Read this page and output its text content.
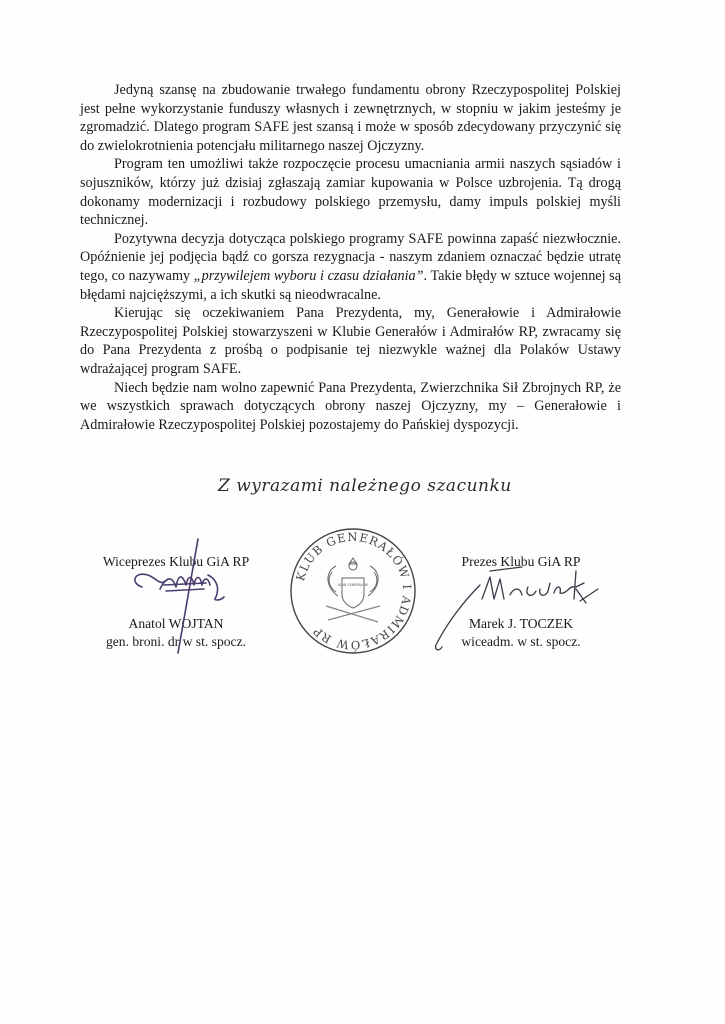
Jedyną szansę na zbudowanie trwałego fundamentu obrony Rzeczypospolitej Polskiej jest pełne wykorzystanie funduszy własnych i zewnętrznych, w stopniu w jakim jesteśmy je zgromadzić. Dlatego program SAFE jest szansą i może w sposób zdecydowany przyczynić się do zwielokrotnienia potencjału militarnego naszej Ojczyzny.

Program ten umożliwi także rozpoczęcie procesu umacniania armii naszych sąsiadów i sojuszników, którzy już dzisiaj zgłaszają zamiar kupowania w Polsce uzbrojenia. Tą drogą dokonamy modernizacji i rozbudowy polskiego przemysłu, damy impuls polskiej myśli technicznej.

Pozytywna decyzja dotycząca polskiego programy SAFE powinna zapaść niezwłocznie. Opóźnienie jej podjęcia bądź co gorsza rezygnacja - naszym zdaniem oznaczać będzie utratę tego, co nazywamy „przywilejem wyboru i czasu działania”. Takie błędy w sztuce wojennej są błędami najcięższymi, a ich skutki są nieodwracalne.

Kierując się oczekiwaniem Pana Prezydenta, my, Generałowie i Admirałowie Rzeczypospolitej Polskiej stowarzyszeni w Klubie Generałów i Admirałów RP, zwracamy się do Pana Prezydenta z prośbą o podpisanie tej niezwykle ważnej dla Polaków Ustawy wdrażającej program SAFE.

Niech będzie nam wolno zapewnić Pana Prezydenta, Zwierzchnika Sił Zbrojnych RP, że we wszystkich sprawach dotyczących obrony naszej Ojczyzny, my – Generałowie i Admirałowie Rzeczypospolitej Polskiej pozostajemy do Pańskiej dyspozycji.

Z wyrazami należnego szacunku
Wiceprezes Klubu GiA RP
Anatol WOJTAN
gen. broni. dr w st. spocz.
KLUB GENERAŁÓW I ADMIRAŁÓW RP
KLUB GENERAŁÓW
Prezes Klubu GiA RP
Marek J. TOCZEK
wiceadm. w st. spocz.
